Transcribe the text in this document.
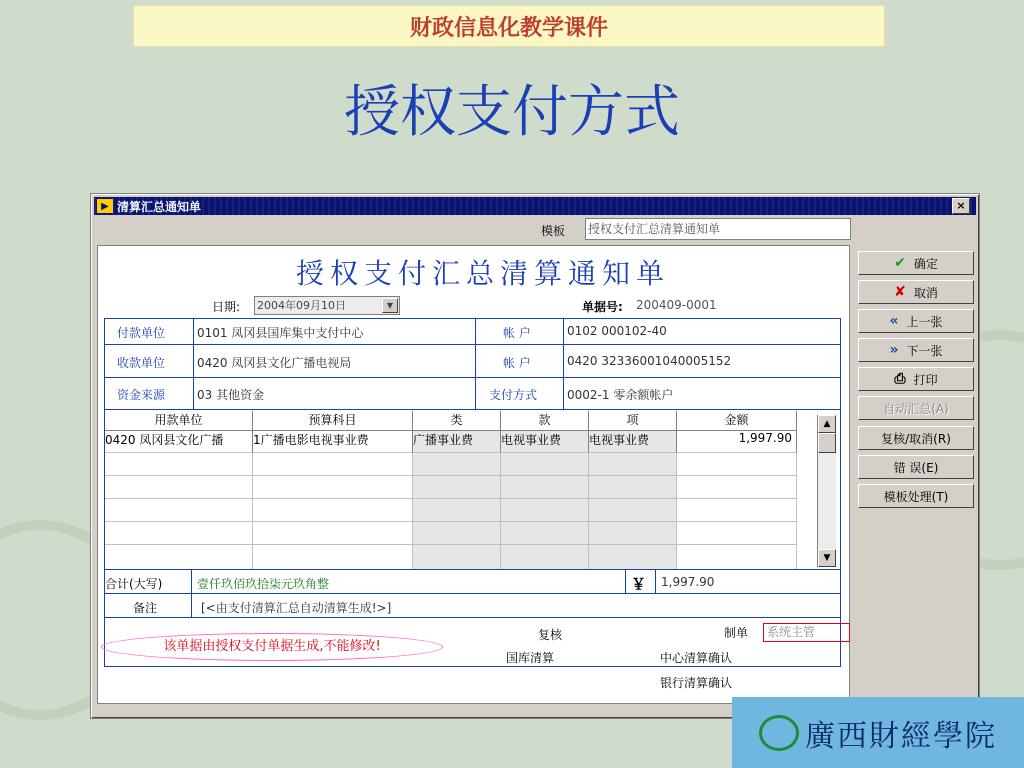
财政信息化教学课件
授权支付方式
▶ 清算汇总通知单	×
模板 授权支付汇总清算通知单
授权支付汇总清算通知单
日期: 2004年09月10日	▼	单据号: 200409-0001
付款单位	0101 凤冈县国库集中支付中心	帐 户	0102 000102-40
收款单位	0420 凤冈县文化广播电视局	帐 户	0420 32336001040005152
资金来源	03 其他资金	支付方式 0002-1 零余额帐户
用款单位	预算科目	类	款	项	金额
0420 凤冈县文化广播	1广播电影电视事业费	广播事业费	电视事业费	电视事业费	1,997.90
▲
▼
合计(大写)	壹仟玖佰玖拾柒元玖角整	￥ 1,997.90
备注	[<由支付清算汇总自动清算生成!>]
该单据由授权支付单据生成,不能修改!
复核
国库清算
制单	系统主管
中心清算确认
银行清算确认
✔ 确定
✘ 取消
« 上一张
» 下一张
⎙ 打印
自动汇总(A)
复核/取消(R)
错 误(E)
模板处理(T)
廣西財經學院
